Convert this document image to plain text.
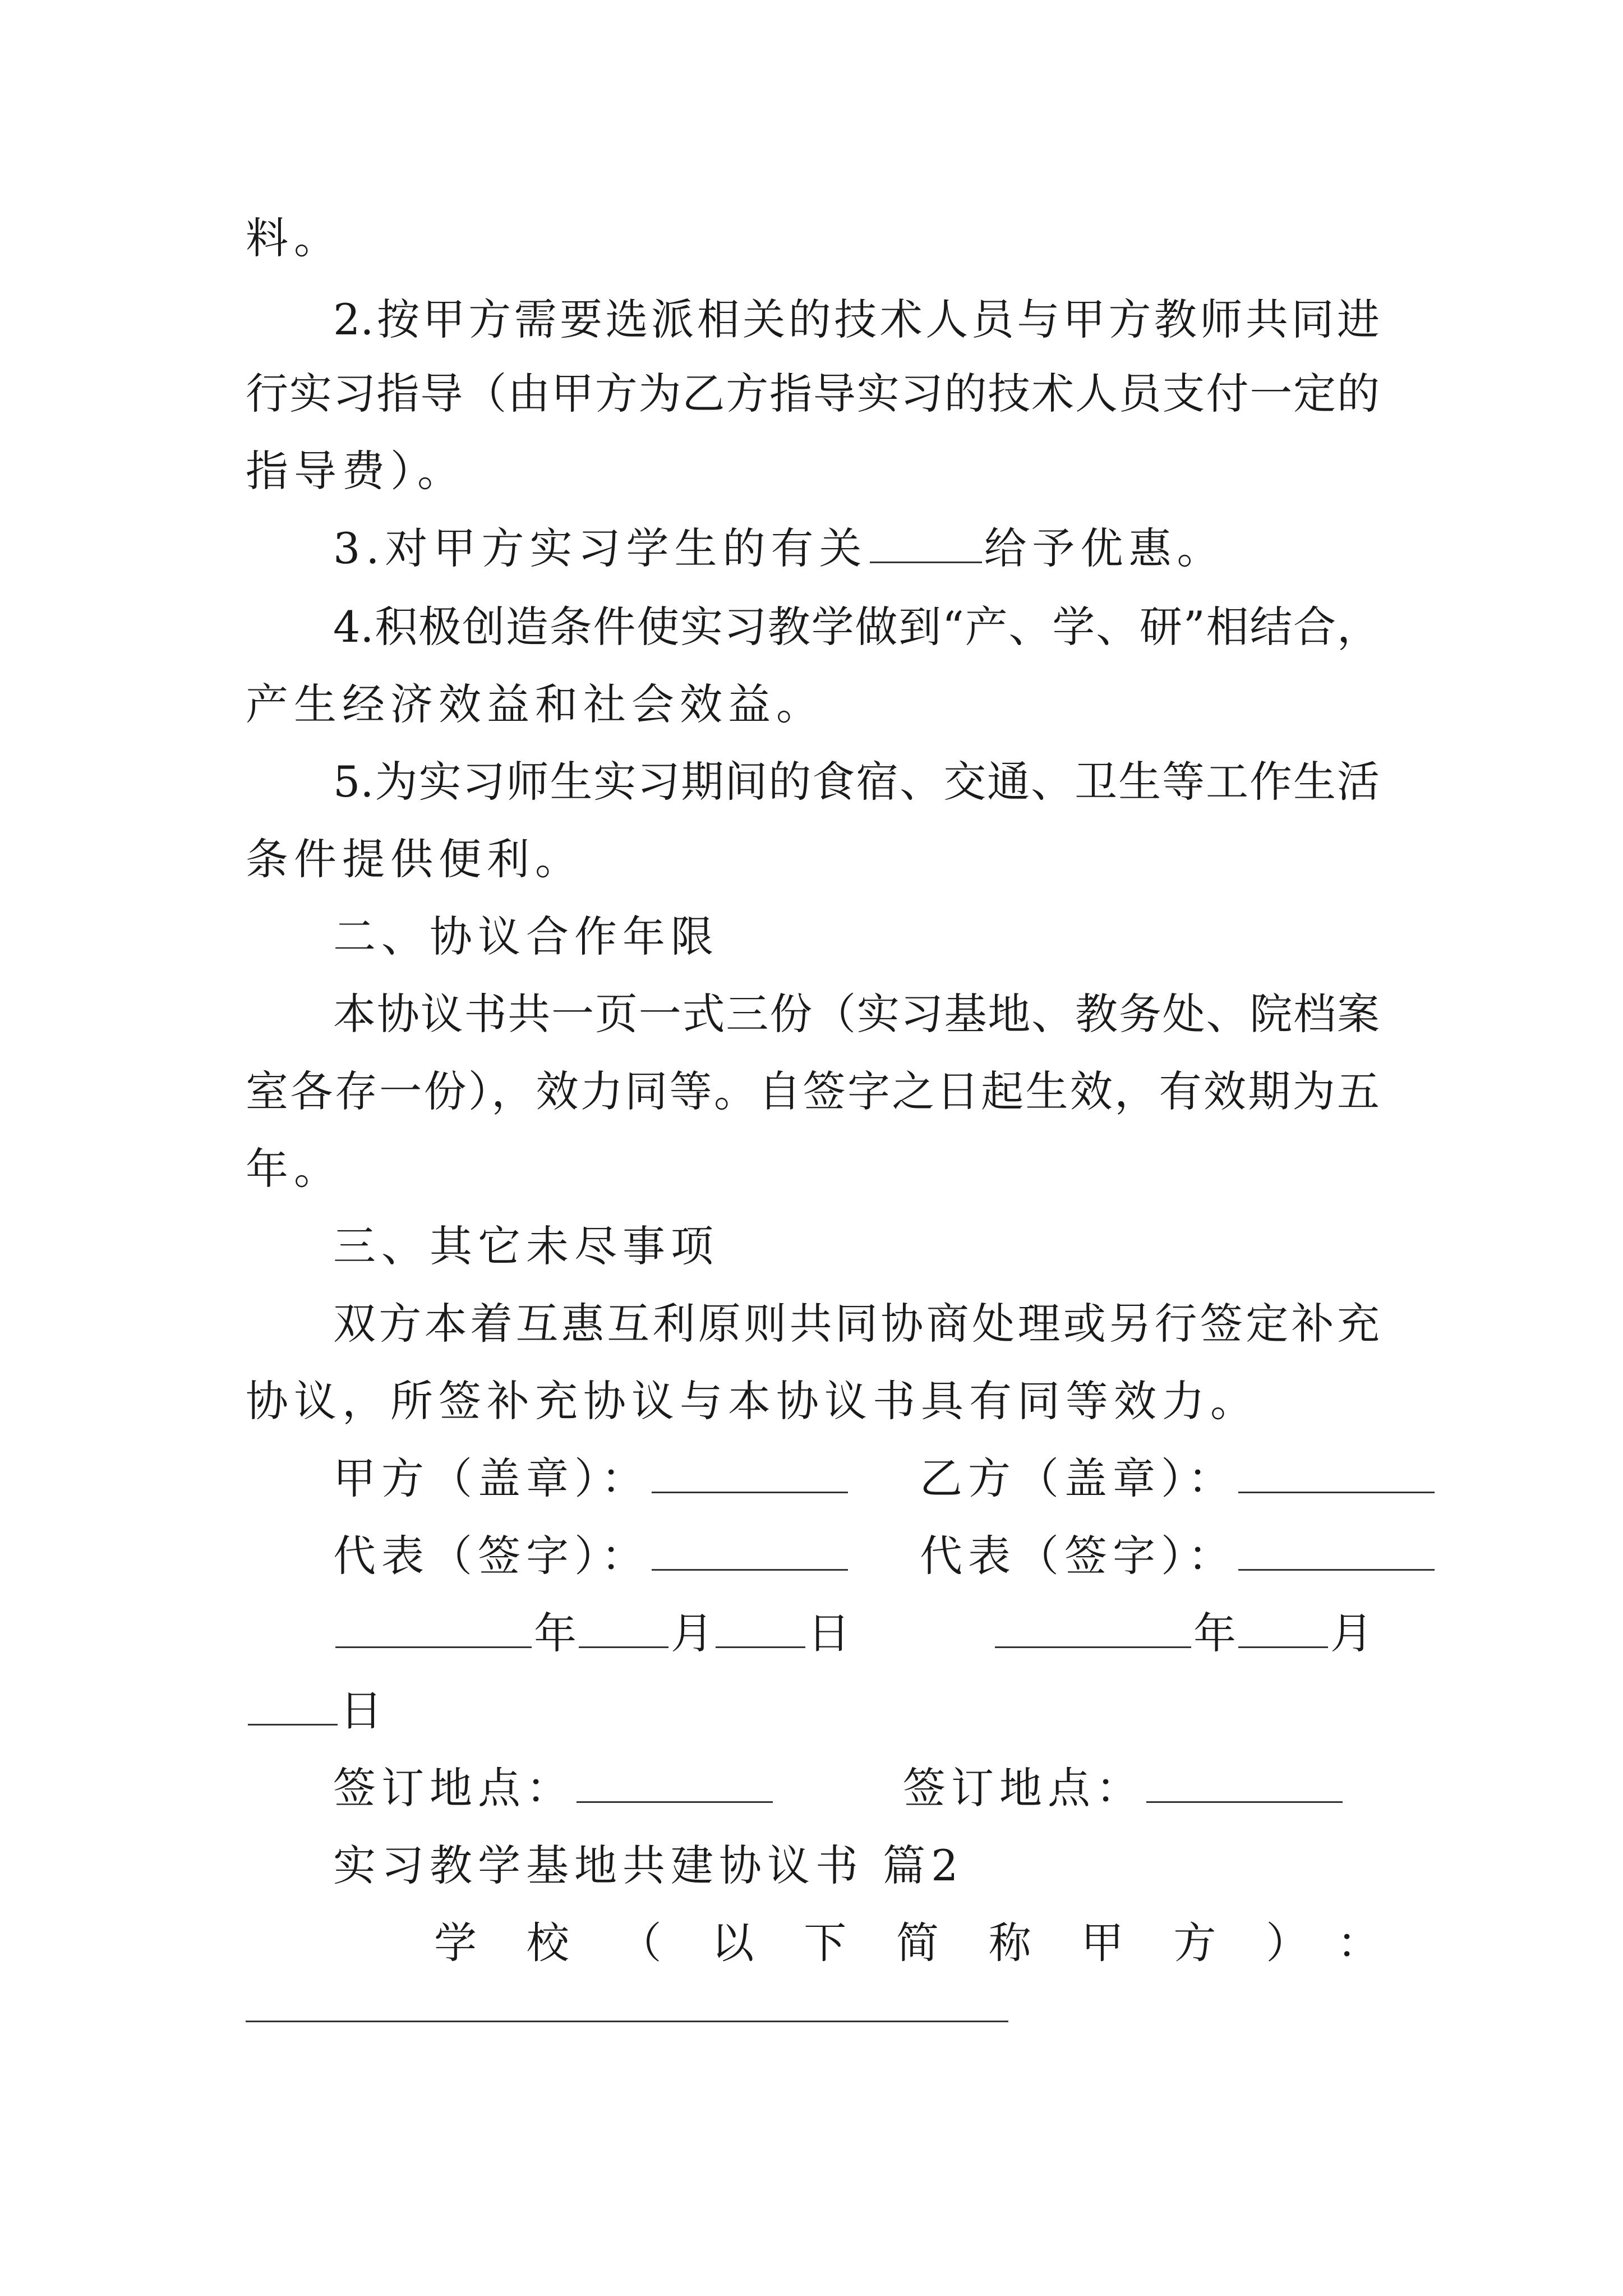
料。
2.按甲方需要选派相关的技术人员与甲方教师共同进
行实习指导（由甲方为乙方指导实习的技术人员支付一定的
指导费）。
3.对甲方实习学生的有关	给予优惠。
4.积极创造条件使实习教学做到“产、学、研”相结合，
产生经济效益和社会效益。
5.为实习师生实习期间的食宿、交通、卫生等工作生活
条件提供便利。
二、协议合作年限
本协议书共一页一式三份（实习基地、教务处、院档案
室各存一份），效力同等。自签字之日起生效，有效期为五
年。
三、其它未尽事项
双方本着互惠互利原则共同协商处理或另行签定补充
协议，所签补充协议与本协议书具有同等效力。
甲方（盖章）：	乙方（盖章）：
代表（签字）：	代表（签字）：
年 月 日	年 月
日
签订地点：	签订地点：
实习教学基地共建协议书 篇2
学校（以下简称甲方）：
